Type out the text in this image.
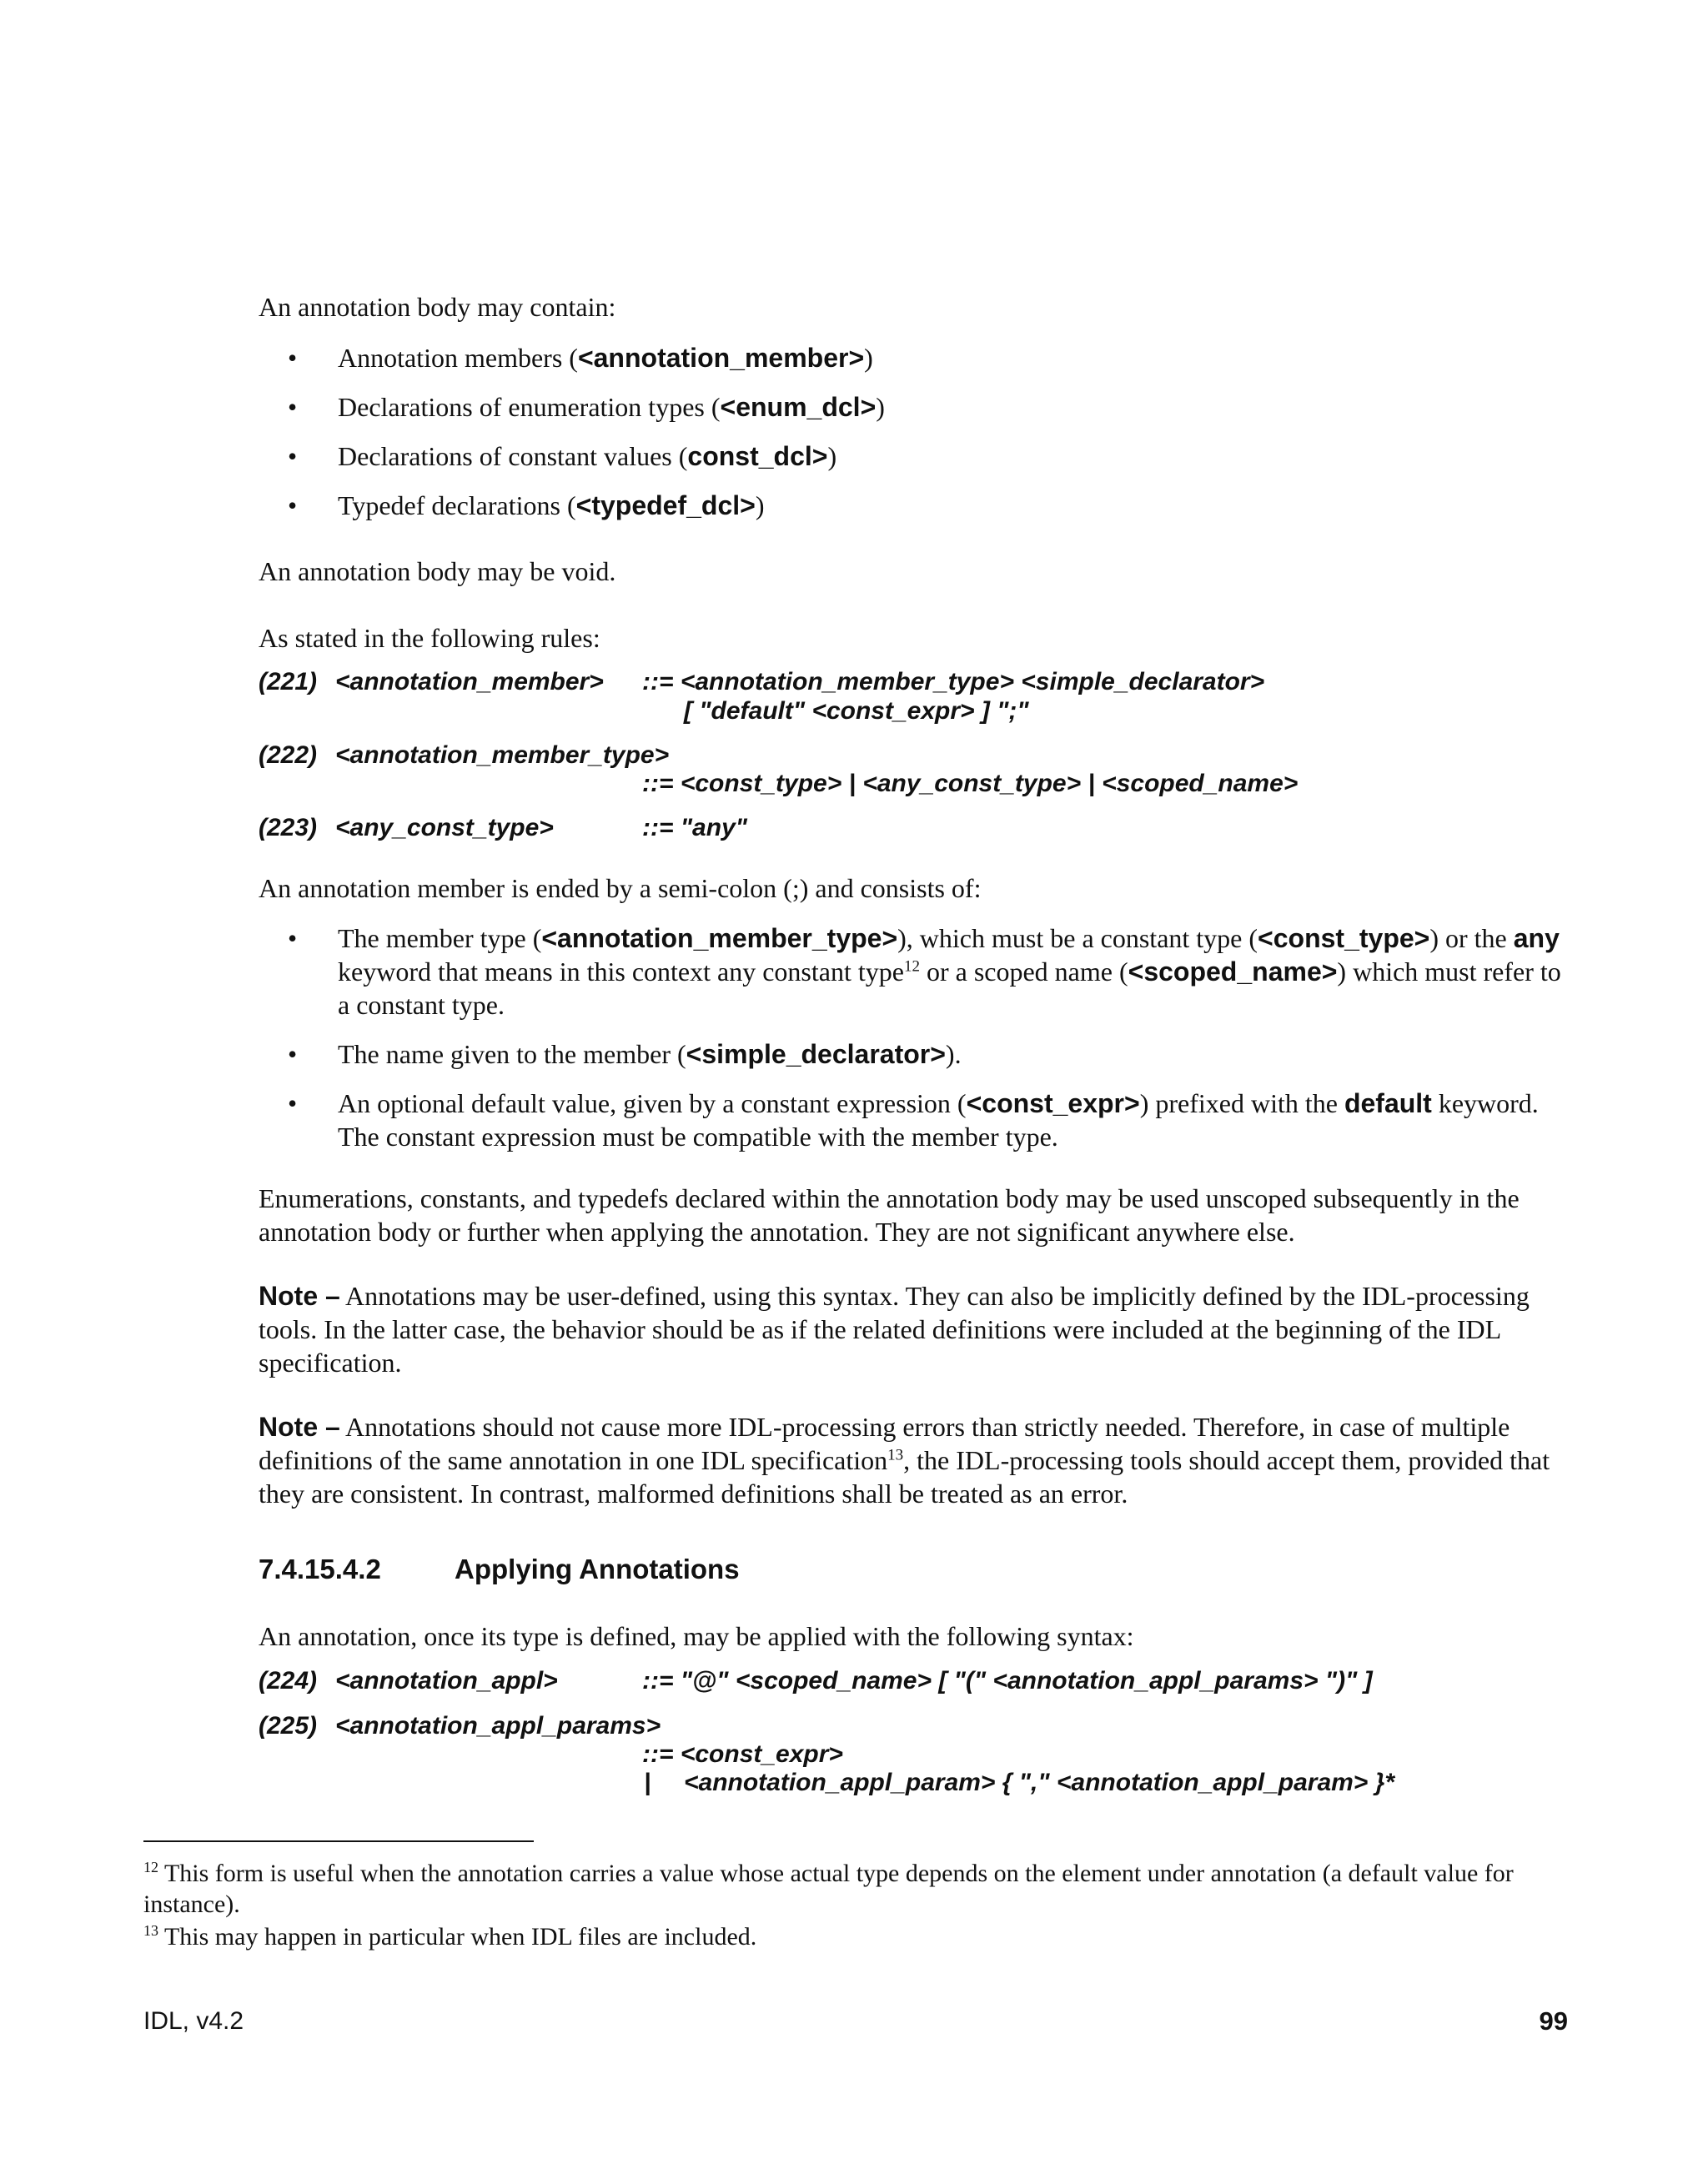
An annotation body may contain:

• Annotation members (<annotation_member>)

• Declarations of enumeration types (<enum_dcl>)

• Declarations of constant values (const_dcl>)

• Typedef declarations (<typedef_dcl>)

An annotation body may be void.

As stated in the following rules:

(221) <annotation_member> ::= <annotation_member_type> <simple_declarator>
[ "default" <const_expr> ] ";"
(222) <annotation_member_type>
::= <const_type> | <any_const_type> | <scoped_name>
(223) <any_const_type>	::= "any"

An annotation member is ended by a semi-colon (;) and consists of:

• The member type (<annotation_member_type>), which must be a constant type (<const_type>) or the any keyword that means in this context any constant type$^{12}$ or a scoped name (<scoped_name>) which must refer to a constant type.

• The name given to the member (<simple_declarator>).

• An optional default value, given by a constant expression (<const_expr>) prefixed with the default keyword. The constant expression must be compatible with the member type.

Enumerations, constants, and typedefs declared within the annotation body may be used unscoped subsequently in the annotation body or further when applying the annotation. They are not significant anywhere else.

Note – Annotations may be user-defined, using this syntax. They can also be implicitly defined by the IDL-processing tools. In the latter case, the behavior should be as if the related definitions were included at the beginning of the IDL specification.

Note – Annotations should not cause more IDL-processing errors than strictly needed. Therefore, in case of multiple definitions of the same annotation in one IDL specification$^{13}$, the IDL-processing tools should accept them, provided that they are consistent. In contrast, malformed definitions shall be treated as an error.

7.4.15.4.2	Applying Annotations

An annotation, once its type is defined, may be applied with the following syntax:

(224) <annotation_appl>	::= "@" <scoped_name> [ "(" <annotation_appl_params> ")" ]
(225) <annotation_appl_params>
::= <const_expr>
| <annotation_appl_param> { "," <annotation_appl_param> }*

$^{12}$ This form is useful when the annotation carries a value whose actual type depends on the element under annotation (a default value for instance).

$^{13}$ This may happen in particular when IDL files are included.

IDL, v4.2	99
